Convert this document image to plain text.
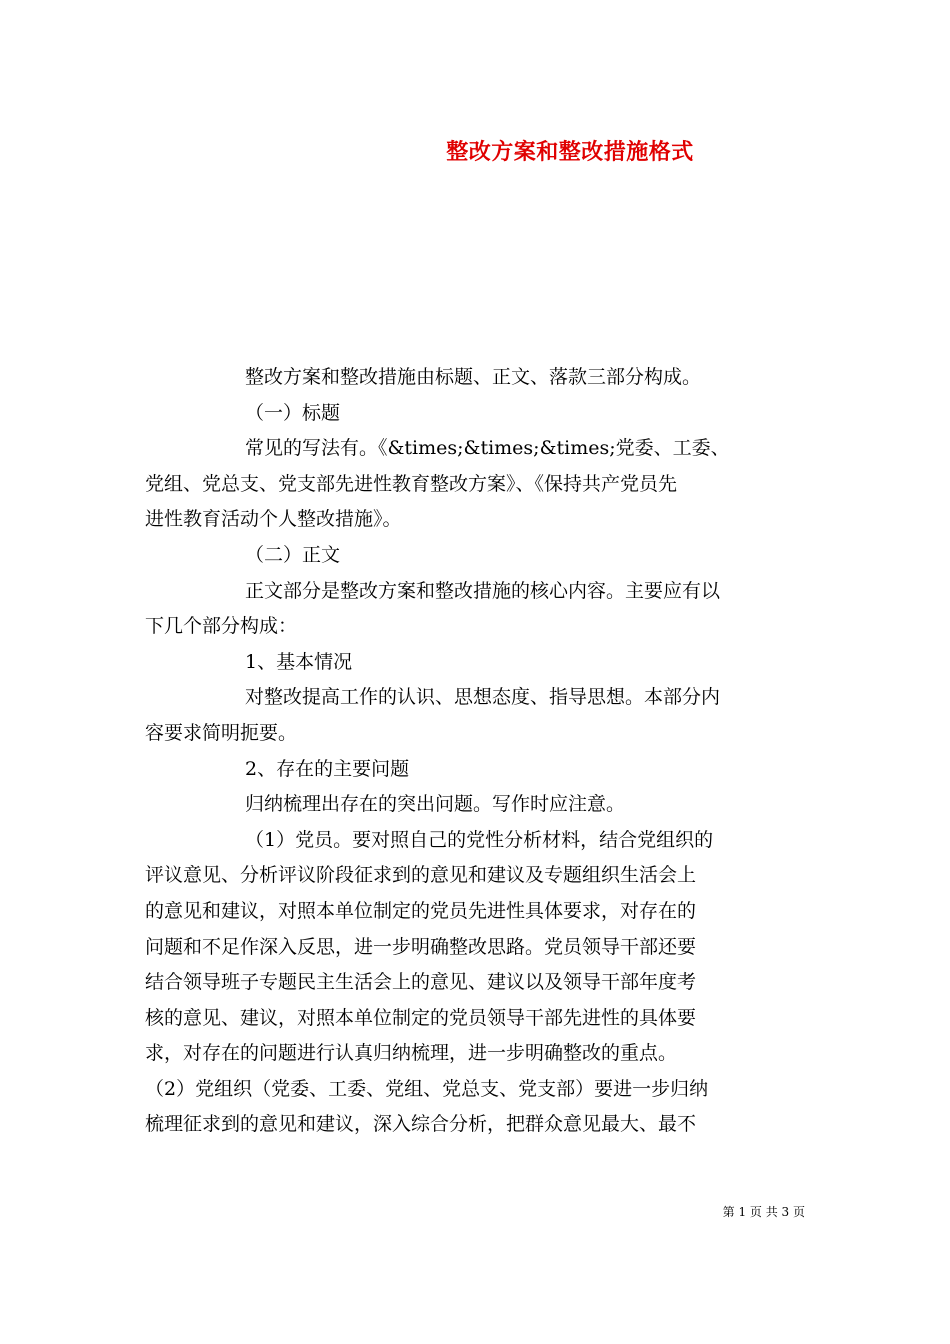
整改方案和整改措施格式
整改方案和整改措施由标题、正文、落款三部分构成。
（一）标题
常见的写法有。《&times;&times;&times;党委、工委、
党组、党总支、党支部先进性教育整改方案》、《保持共产党员先
进性教育活动个人整改措施》。
（二）正文
正文部分是整改方案和整改措施的核心内容。主要应有以
下几个部分构成：
1、基本情况
对整改提高工作的认识、思想态度、指导思想。本部分内
容要求简明扼要。
2、存在的主要问题
归纳梳理出存在的突出问题。写作时应注意。
（1）党员。要对照自己的党性分析材料，结合党组织的
评议意见、分析评议阶段征求到的意见和建议及专题组织生活会上
的意见和建议，对照本单位制定的党员先进性具体要求，对存在的
问题和不足作深入反思，进一步明确整改思路。党员领导干部还要
结合领导班子专题民主生活会上的意见、建议以及领导干部年度考
核的意见、建议，对照本单位制定的党员领导干部先进性的具体要
求，对存在的问题进行认真归纳梳理，进一步明确整改的重点。
（2）党组织（党委、工委、党组、党总支、党支部）要进一步归纳
梳理征求到的意见和建议，深入综合分析，把群众意见最大、最不
第 1 页 共 3 页
